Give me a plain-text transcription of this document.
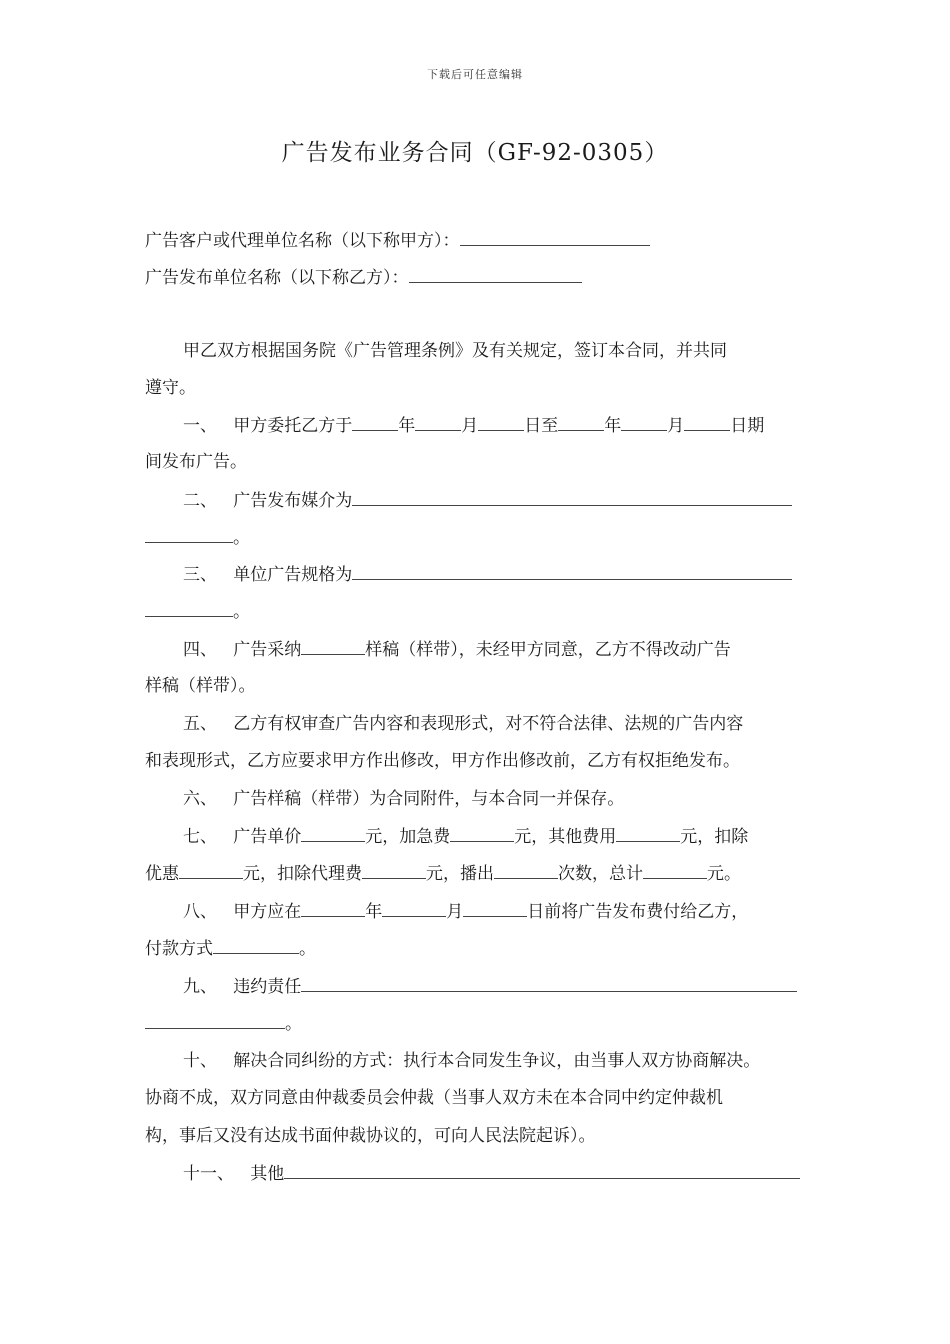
下载后可任意编辑
广告发布业务合同（GF-92-0305）
广告客户或代理单位名称（以下称甲方）：
广告发布单位名称（以下称乙方）：
甲乙双方根据国务院《广告管理条例》及有关规定，签订本合同，并共同
遵守。
一、 甲方委托乙方于	年	月	日至	年	月	日期
间发布广告。
二、 广告发布媒介为
。
三、 单位广告规格为
。
四、 广告采纳	样稿（样带），未经甲方同意，乙方不得改动广告
样稿（样带）。
五、 乙方有权审查广告内容和表现形式，对不符合法律、法规的广告内容
和表现形式，乙方应要求甲方作出修改，甲方作出修改前，乙方有权拒绝发布。
六、 广告样稿（样带）为合同附件，与本合同一并保存。
七、 广告单价	元，加急费	元，其他费用	元，扣除
优惠	元，扣除代理费	元，播出	次数，总计	元。
八、 甲方应在	年	月	日前将广告发布费付给乙方，
付款方式	。
九、 违约责任
。
十、 解决合同纠纷的方式：执行本合同发生争议，由当事人双方协商解决。
协商不成，双方同意由仲裁委员会仲裁（当事人双方未在本合同中约定仲裁机
构，事后又没有达成书面仲裁协议的，可向人民法院起诉）。
十一、 其他
